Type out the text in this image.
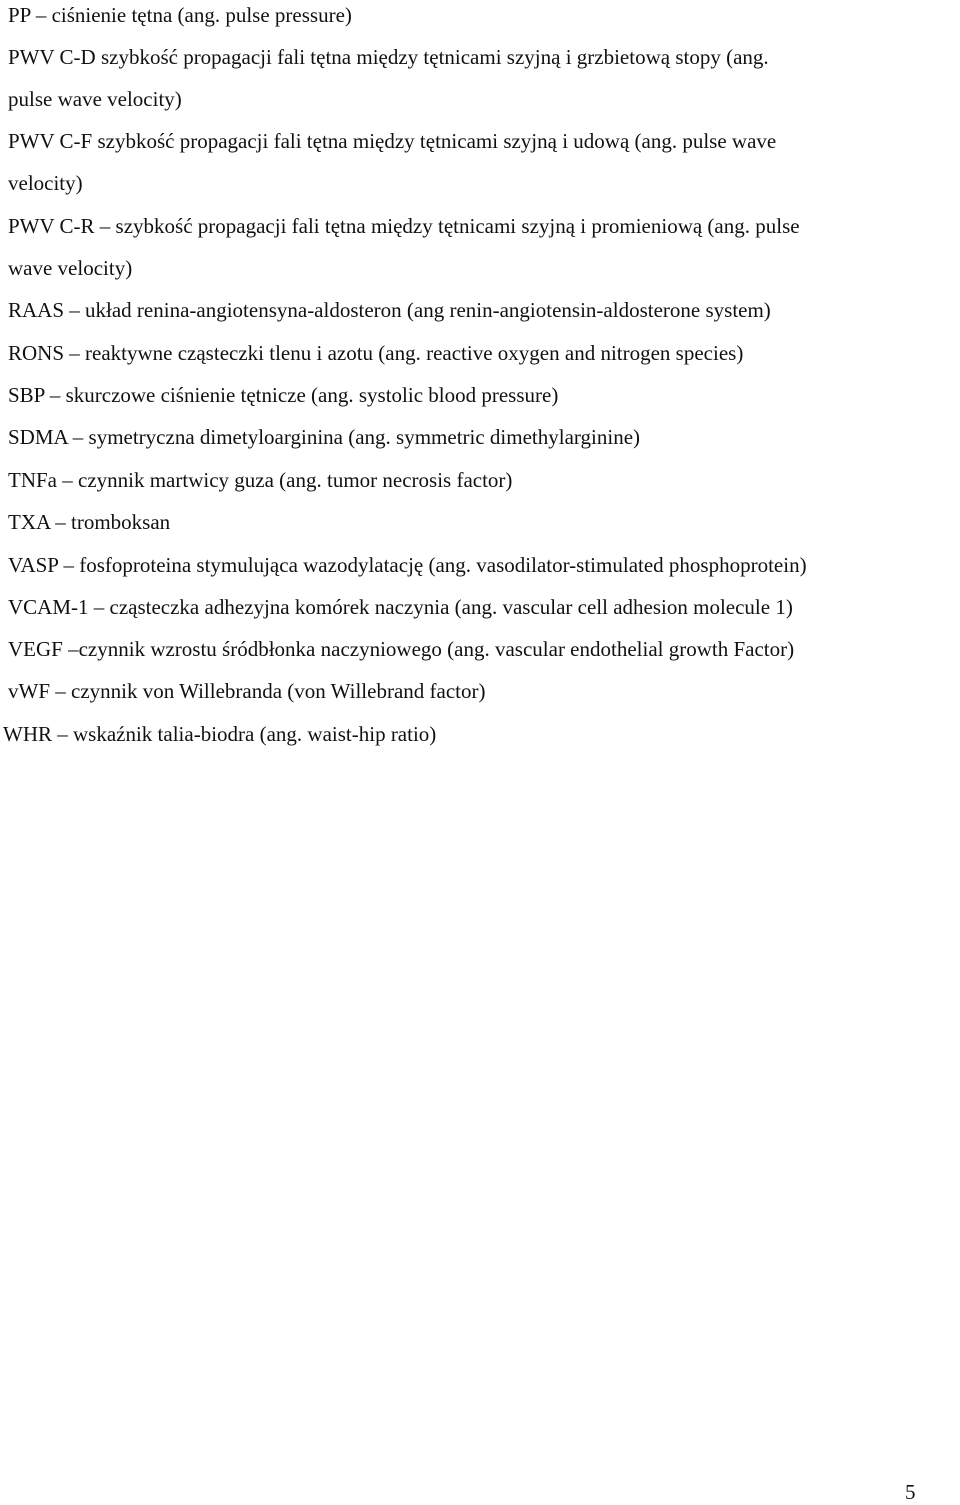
PP – ciśnienie tętna (ang. pulse pressure)
PWV C-D szybkość propagacji fali tętna między tętnicami szyjną i grzbietową stopy (ang.
pulse wave velocity)
PWV C-F szybkość propagacji fali tętna między tętnicami szyjną i udową (ang. pulse wave
velocity)
PWV C-R – szybkość propagacji fali tętna między tętnicami szyjną i promieniową (ang. pulse
wave velocity)
RAAS – układ renina-angiotensyna-aldosteron (ang renin-angiotensin-aldosterone system)
RONS – reaktywne cząsteczki tlenu i azotu (ang. reactive oxygen and nitrogen species)
SBP – skurczowe ciśnienie tętnicze (ang. systolic blood pressure)
SDMA – symetryczna dimetyloarginina (ang. symmetric dimethylarginine)
TNFa – czynnik martwicy guza (ang. tumor necrosis factor)
TXA – tromboksan
VASP – fosfoproteina stymulująca wazodylatację (ang. vasodilator-stimulated phosphoprotein)
VCAM-1 – cząsteczka adhezyjna komórek naczynia (ang. vascular cell adhesion molecule 1)
VEGF –czynnik wzrostu śródbłonka naczyniowego (ang. vascular endothelial growth Factor)
vWF – czynnik von Willebranda (von Willebrand factor)
WHR – wskaźnik talia-biodra (ang. waist-hip ratio)
5
